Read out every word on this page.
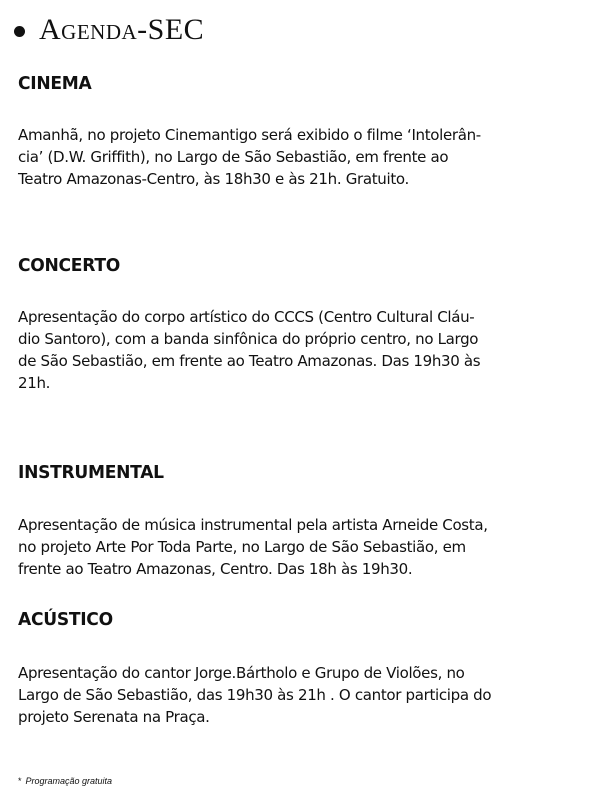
Agenda-SEC
CINEMA
Amanhã, no projeto Cinemantigo será exibido o filme ‘Intolerân-
cia’ (D.W. Griffith), no Largo de São Sebastião, em frente ao
Teatro Amazonas-Centro, às 18h30 e às 21h. Gratuito.
CONCERTO
Apresentação do corpo artístico do CCCS (Centro Cultural Cláu-
dio Santoro), com a banda sinfônica do próprio centro, no Largo
de São Sebastião, em frente ao Teatro Amazonas. Das 19h30 às
21h.
INSTRUMENTAL
Apresentação de música instrumental pela artista Arneide Costa,
no projeto Arte Por Toda Parte, no Largo de São Sebastião, em
frente ao Teatro Amazonas, Centro. Das 18h às 19h30.
ACÚSTICO
Apresentação do cantor Jorge.Bártholo e Grupo de Violões, no
Largo de São Sebastião, das 19h30 às 21h . O cantor participa do
projeto Serenata na Praça.
* Programação gratuita
